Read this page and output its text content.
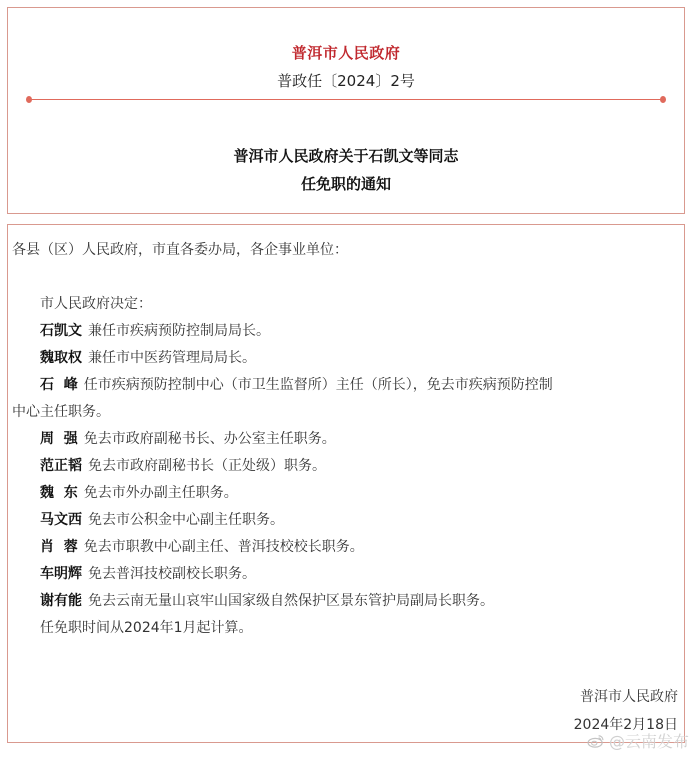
普洱市人民政府
普政任〔2024〕2号
普洱市人民政府关于石凯文等同志
任免职的通知

各县（区）人民政府，市直各委办局，各企事业单位：

市人民政府决定：

石凯文 兼任市疾病预防控制局局长。

魏取权 兼任市中医药管理局局长。

石  峰 任市疾病预防控制中心（市卫生监督所）主任（所长），免去市疾病预防控制

中心主任职务。

周  强 免去市政府副秘书长、办公室主任职务。

范正韬 免去市政府副秘书长（正处级）职务。

魏  东 免去市外办副主任职务。

马文西 免去市公积金中心副主任职务。

肖  蓉 免去市职教中心副主任、普洱技校校长职务。

车明辉 免去普洱技校副校长职务。

谢有能 免去云南无量山哀牢山国家级自然保护区景东管护局副局长职务。

任免职时间从2024年1月起计算。

普洱市人民政府
2024年2月18日
@云南发布
